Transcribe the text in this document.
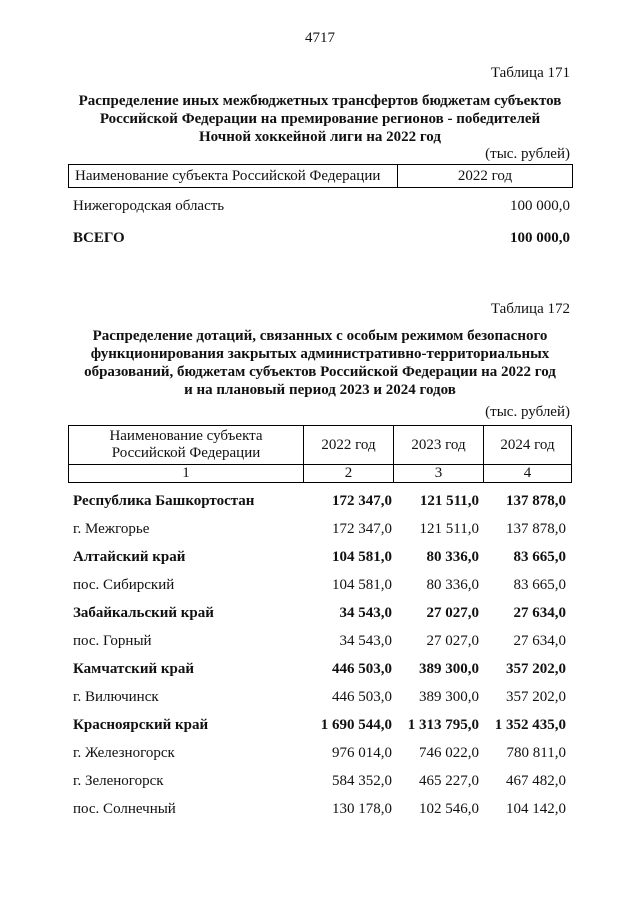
4717
Таблица 171
Распределение иных межбюджетных трансфертов бюджетам субъектов
Российской Федерации на премирование регионов - победителей
Ночной хоккейной лиги на 2022 год
(тыс. рублей)
Наименование субъекта Российской Федерации	2022 год
Нижегородская область	100 000,0
ВСЕГО	100 000,0
Таблица 172
Распределение дотаций, связанных с особым режимом безопасного
функционирования закрытых административно-территориальных
образований, бюджетам субъектов Российской Федерации на 2022 год
и на плановый период 2023 и 2024 годов
(тыс. рублей)
Наименование субъекта
Российской Федерации	2022 год	2023 год	2024 год
1	2	3	4
Республика Башкортостан	172 347,0	121 511,0	137 878,0
г. Межгорье	172 347,0	121 511,0	137 878,0
Алтайский край	104 581,0	80 336,0	83 665,0
пос. Сибирский	104 581,0	80 336,0	83 665,0
Забайкальский край	34 543,0	27 027,0	27 634,0
пос. Горный	34 543,0	27 027,0	27 634,0
Камчатский край	446 503,0	389 300,0	357 202,0
г. Вилючинск	446 503,0	389 300,0	357 202,0
Красноярский край	1 690 544,0	1 313 795,0	1 352 435,0
г. Железногорск	976 014,0	746 022,0	780 811,0
г. Зеленогорск	584 352,0	465 227,0	467 482,0
пос. Солнечный	130 178,0	102 546,0	104 142,0
